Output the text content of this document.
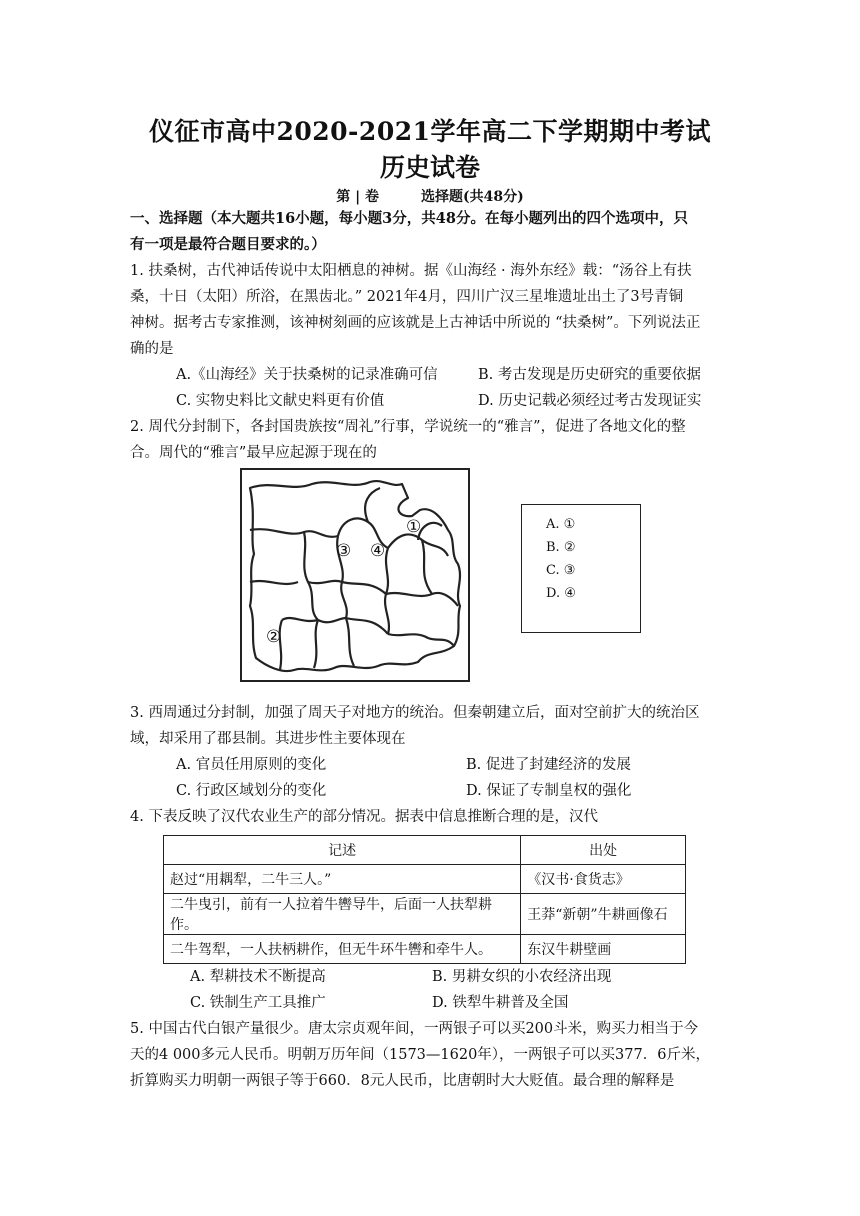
仪征市高中2020-2021学年高二下学期期中考试
历史试卷
第 | 卷　　　选择题(共48分)
一、选择题（本大题共16小题，每小题3分，共48分。在每小题列出的四个选项中，只
有一项是最符合题目要求的。）
1. 扶桑树，古代神话传说中太阳栖息的神树。据《山海经 · 海外东经》载：“汤谷上有扶
桑，十日（太阳）所浴，在黑齿北。” 2021年4月，四川广汉三星堆遗址出土了3号青铜
神树。据考古专家推测，该神树刻画的应该就是上古神话中所说的 “扶桑树”。下列说法正
确的是
A.《山海经》关于扶桑树的记录准确可信	B. 考古发现是历史研究的重要依据
C. 实物史料比文献史料更有价值	D. 历史记载必须经过考古发现证实
2. 周代分封制下，各封国贵族按“周礼”行事，学说统一的“雅言”，促进了各地文化的整
合。周代的“雅言”最早应起源于现在的
①
②
③ ④
A. ①
B. ②
C. ③
D. ④
3. 西周通过分封制，加强了周天子对地方的统治。但秦朝建立后，面对空前扩大的统治区
域，却采用了郡县制。其进步性主要体现在
A. 官员任用原则的变化	B. 促进了封建经济的发展
C. 行政区域划分的变化	D. 保证了专制皇权的强化
4. 下表反映了汉代农业生产的部分情况。据表中信息推断合理的是，汉代
记述	出处
赵过“用耦犁，二牛三人。”	《汉书·食货志》
二牛曳引，前有一人拉着牛轡导牛，后面一人扶犁耕作。	王莽“新朝”牛耕画像石
二牛驾犁，一人扶柄耕作，但无牛环牛轡和牵牛人。	东汉牛耕壁画
A. 犁耕技术不断提高	B. 男耕女织的小农经济出现
C. 铁制生产工具推广	D. 铁犁牛耕普及全国
5. 中国古代白银产量很少。唐太宗贞观年间，一两银子可以买200斗米，购买力相当于今
天的4 000多元人民币。明朝万历年间（1573—1620年），一两银子可以买377．6斤米，
折算购买力明朝一两银子等于660．8元人民币，比唐朝时大大贬值。最合理的解释是
